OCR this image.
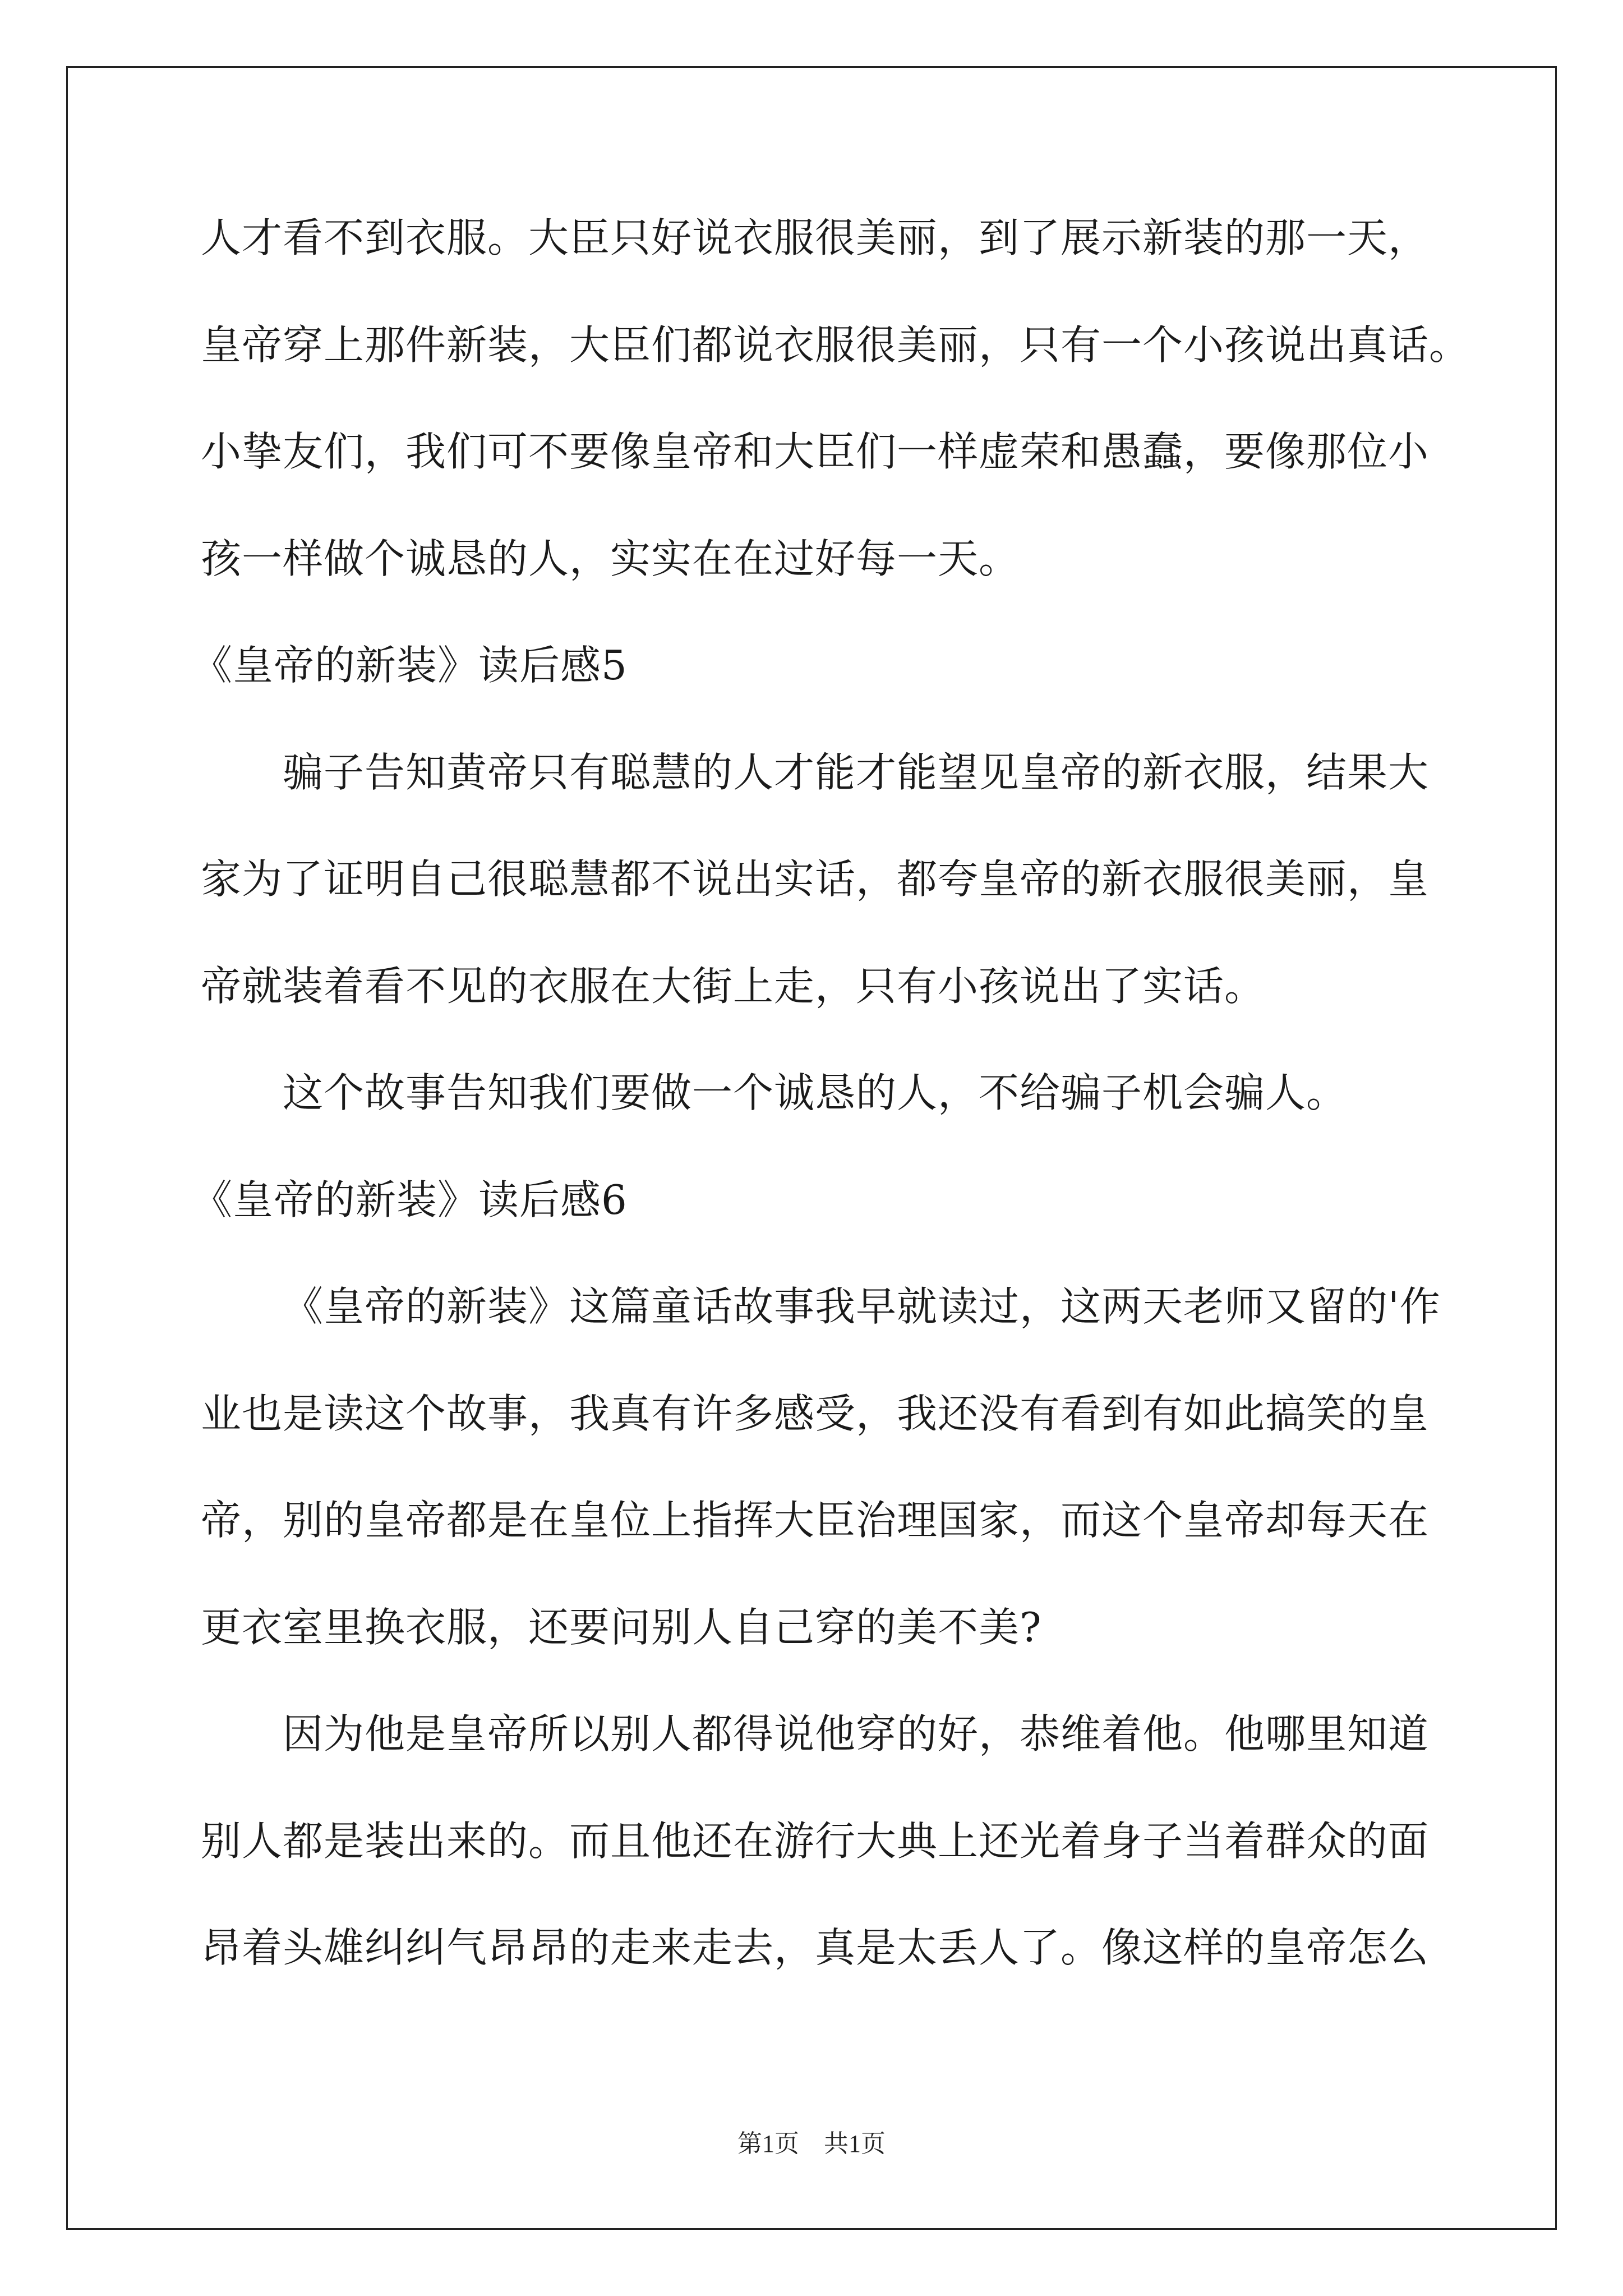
人才看不到衣服。大臣只好说衣服很美丽，到了展示新装的那一天，
皇帝穿上那件新装，大臣们都说衣服很美丽，只有一个小孩说出真话。
小挚友们，我们可不要像皇帝和大臣们一样虚荣和愚蠢，要像那位小
孩一样做个诚恳的人，实实在在过好每一天。
《皇帝的新装》读后感5
骗子告知黄帝只有聪慧的人才能才能望见皇帝的新衣服，结果大
家为了证明自己很聪慧都不说出实话，都夸皇帝的新衣服很美丽，皇
帝就装着看不见的衣服在大街上走，只有小孩说出了实话。
这个故事告知我们要做一个诚恳的人，不给骗子机会骗人。
《皇帝的新装》读后感6
《皇帝的新装》这篇童话故事我早就读过，这两天老师又留的'作
业也是读这个故事，我真有许多感受，我还没有看到有如此搞笑的皇
帝，别的皇帝都是在皇位上指挥大臣治理国家，而这个皇帝却每天在
更衣室里换衣服，还要问别人自己穿的美不美?
因为他是皇帝所以别人都得说他穿的好，恭维着他。他哪里知道
别人都是装出来的。而且他还在游行大典上还光着身子当着群众的面
昂着头雄纠纠气昂昂的走来走去，真是太丢人了。像这样的皇帝怎么
第1页　共1页
